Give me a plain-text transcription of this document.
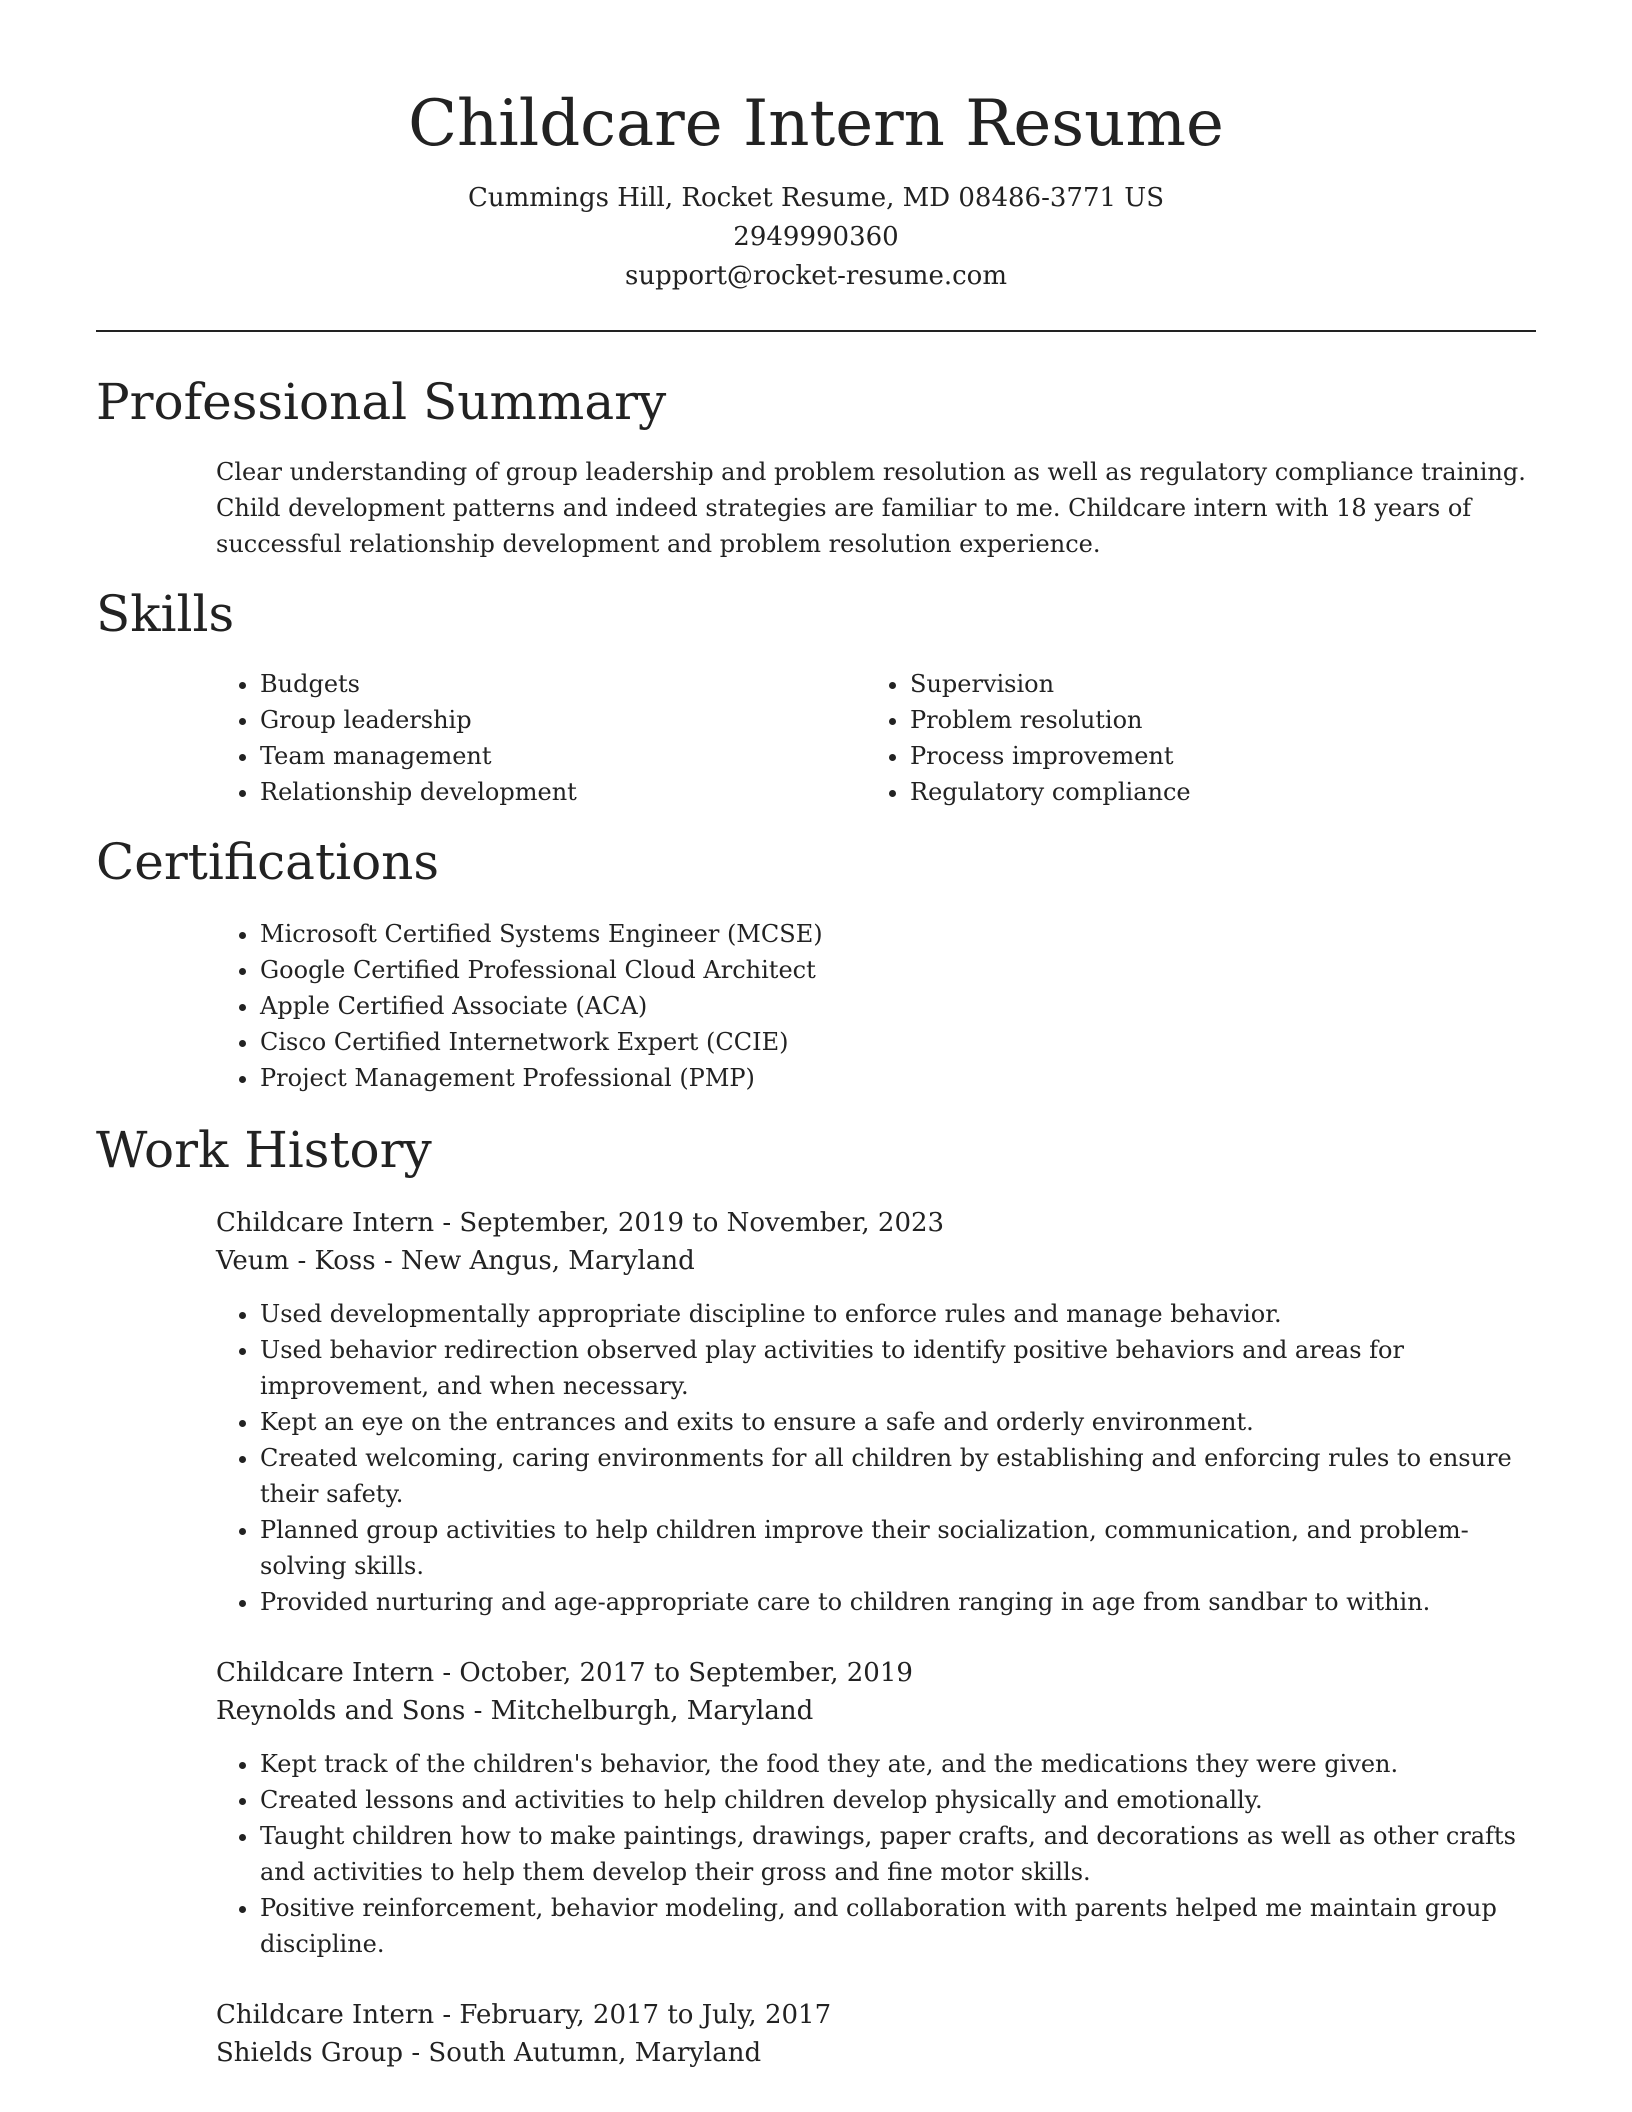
Childcare Intern Resume
Cummings Hill, Rocket Resume, MD 08486-3771 US
2949990360
support@rocket-resume.com
Professional Summary

Clear understanding of group leadership and problem resolution as well as regulatory compliance training. Child development patterns and indeed strategies are familiar to me. Childcare intern with 18 years of successful relationship development and problem resolution experience.

Skills
• Budgets
• Group leadership
• Team management
• Relationship development
• Supervision
• Problem resolution
• Process improvement
• Regulatory compliance
Certifications
• Microsoft Certified Systems Engineer (MCSE)
• Google Certified Professional Cloud Architect
• Apple Certified Associate (ACA)
• Cisco Certified Internetwork Expert (CCIE)
• Project Management Professional (PMP)
Work History
Childcare Intern - September, 2019 to November, 2023
Veum - Koss - New Angus, Maryland
• Used developmentally appropriate discipline to enforce rules and manage behavior.
• Used behavior redirection observed play activities to identify positive behaviors and areas for improvement, and when necessary.
• Kept an eye on the entrances and exits to ensure a safe and orderly environment.
• Created welcoming, caring environments for all children by establishing and enforcing rules to ensure their safety.
• Planned group activities to help children improve their socialization, communication, and problem-solving skills.
• Provided nurturing and age-appropriate care to children ranging in age from sandbar to within.
Childcare Intern - October, 2017 to September, 2019
Reynolds and Sons - Mitchelburgh, Maryland
• Kept track of the children's behavior, the food they ate, and the medications they were given.
• Created lessons and activities to help children develop physically and emotionally.
• Taught children how to make paintings, drawings, paper crafts, and decorations as well as other crafts and activities to help them develop their gross and fine motor skills.
• Positive reinforcement, behavior modeling, and collaboration with parents helped me maintain group discipline.
Childcare Intern - February, 2017 to July, 2017
Shields Group - South Autumn, Maryland
